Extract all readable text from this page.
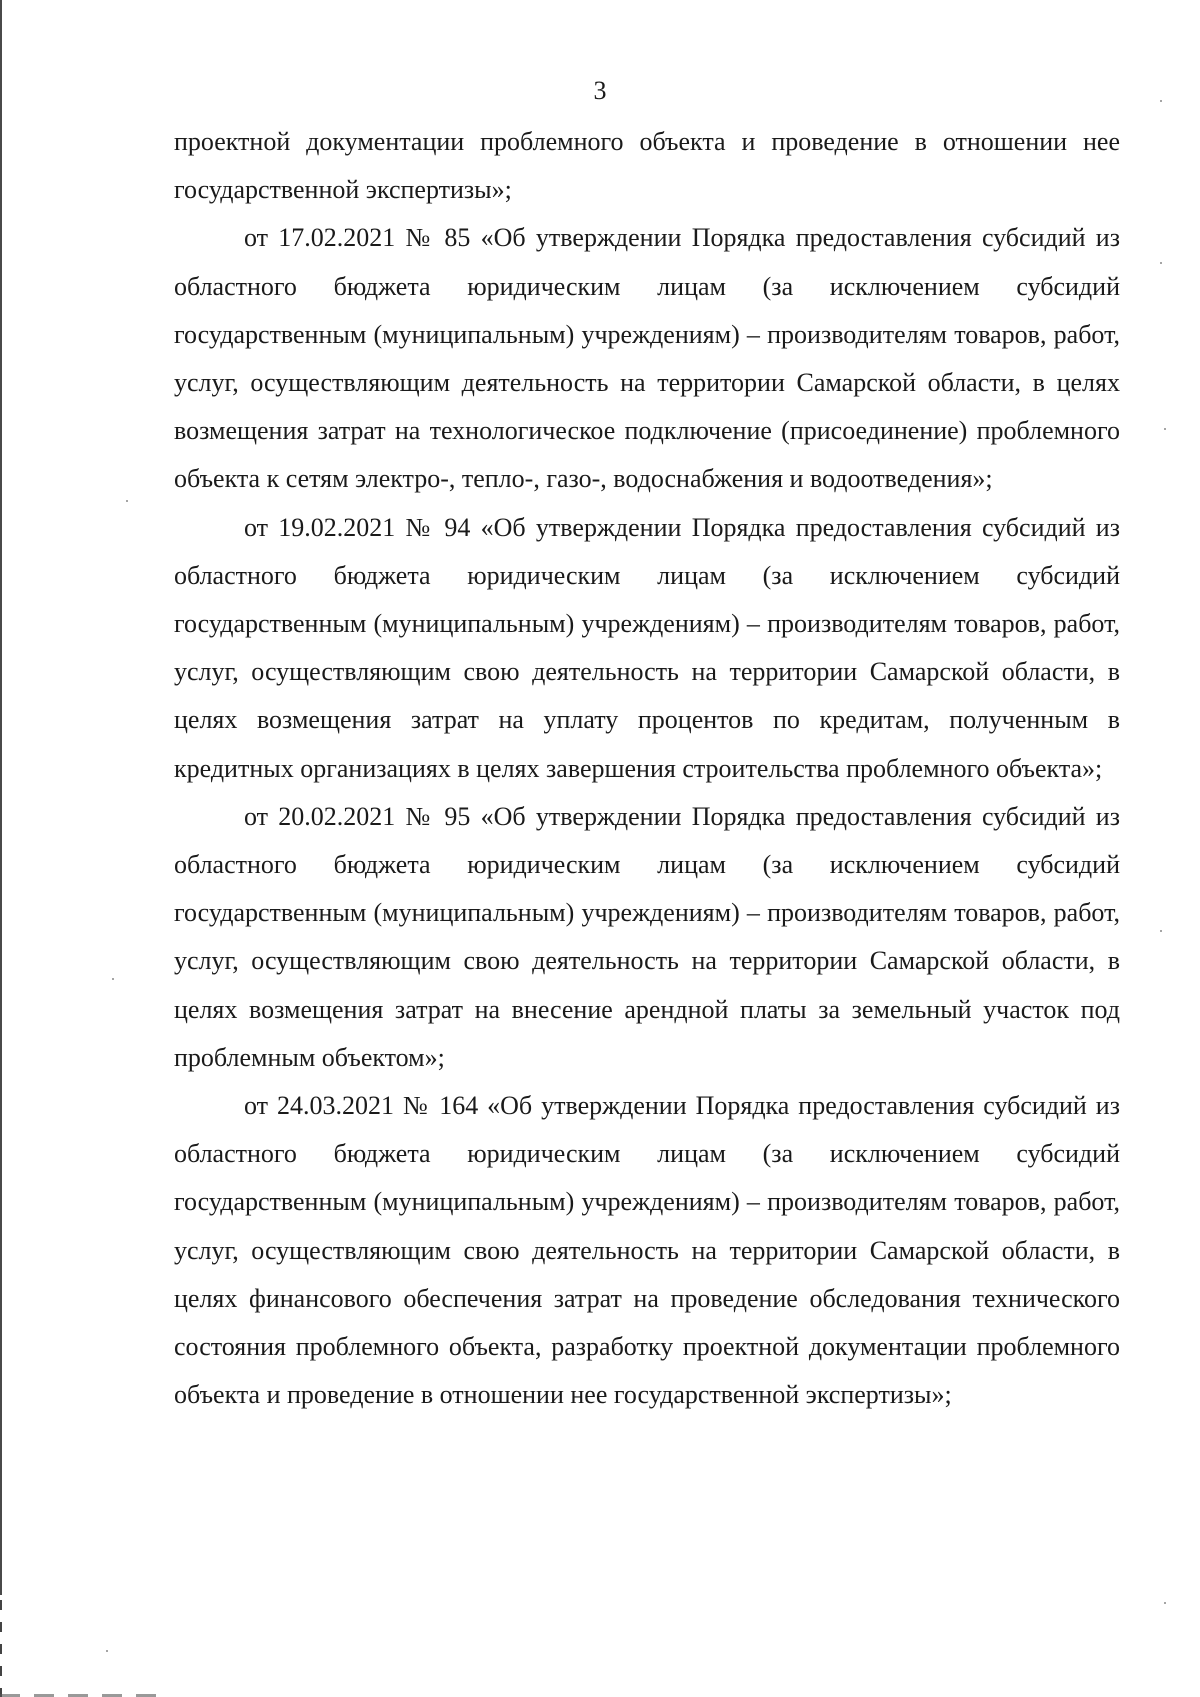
3

проектной документации проблемного объекта и проведение в отношении нее государственной экспертизы»;

от 17.02.2021 № 85 «Об утверждении Порядка предоставления субсидий из областного бюджета юридическим лицам (за исключением субсидий государственным (муниципальным) учреждениям) – производителям товаров, работ, услуг, осуществляющим деятельность на территории Самарской области, в целях возмещения затрат на технологическое подключение (присоединение) проблемного объекта к сетям электро-, тепло-, газо-, водоснабжения и водоотведения»;

от 19.02.2021 № 94 «Об утверждении Порядка предоставления субсидий из областного бюджета юридическим лицам (за исключением субсидий государственным (муниципальным) учреждениям) – производителям товаров, работ, услуг, осуществляющим свою деятельность на территории Самарской области, в целях возмещения затрат на уплату процентов по кредитам, полученным в кредитных организациях в целях завершения строительства проблемного объекта»;

от 20.02.2021 № 95 «Об утверждении Порядка предоставления субсидий из областного бюджета юридическим лицам (за исключением субсидий государственным (муниципальным) учреждениям) – производителям товаров, работ, услуг, осуществляющим свою деятельность на территории Самарской области, в целях возмещения затрат на внесение арендной платы за земельный участок под проблемным объектом»;

от 24.03.2021 № 164 «Об утверждении Порядка предоставления субсидий из областного бюджета юридическим лицам (за исключением субсидий государственным (муниципальным) учреждениям) – производителям товаров, работ, услуг, осуществляющим свою деятельность на территории Самарской области, в целях финансового обеспечения затрат на проведение обследования технического состояния проблемного объекта, разработку проектной документации проблемного объекта и проведение в отношении нее государственной экспертизы»;
